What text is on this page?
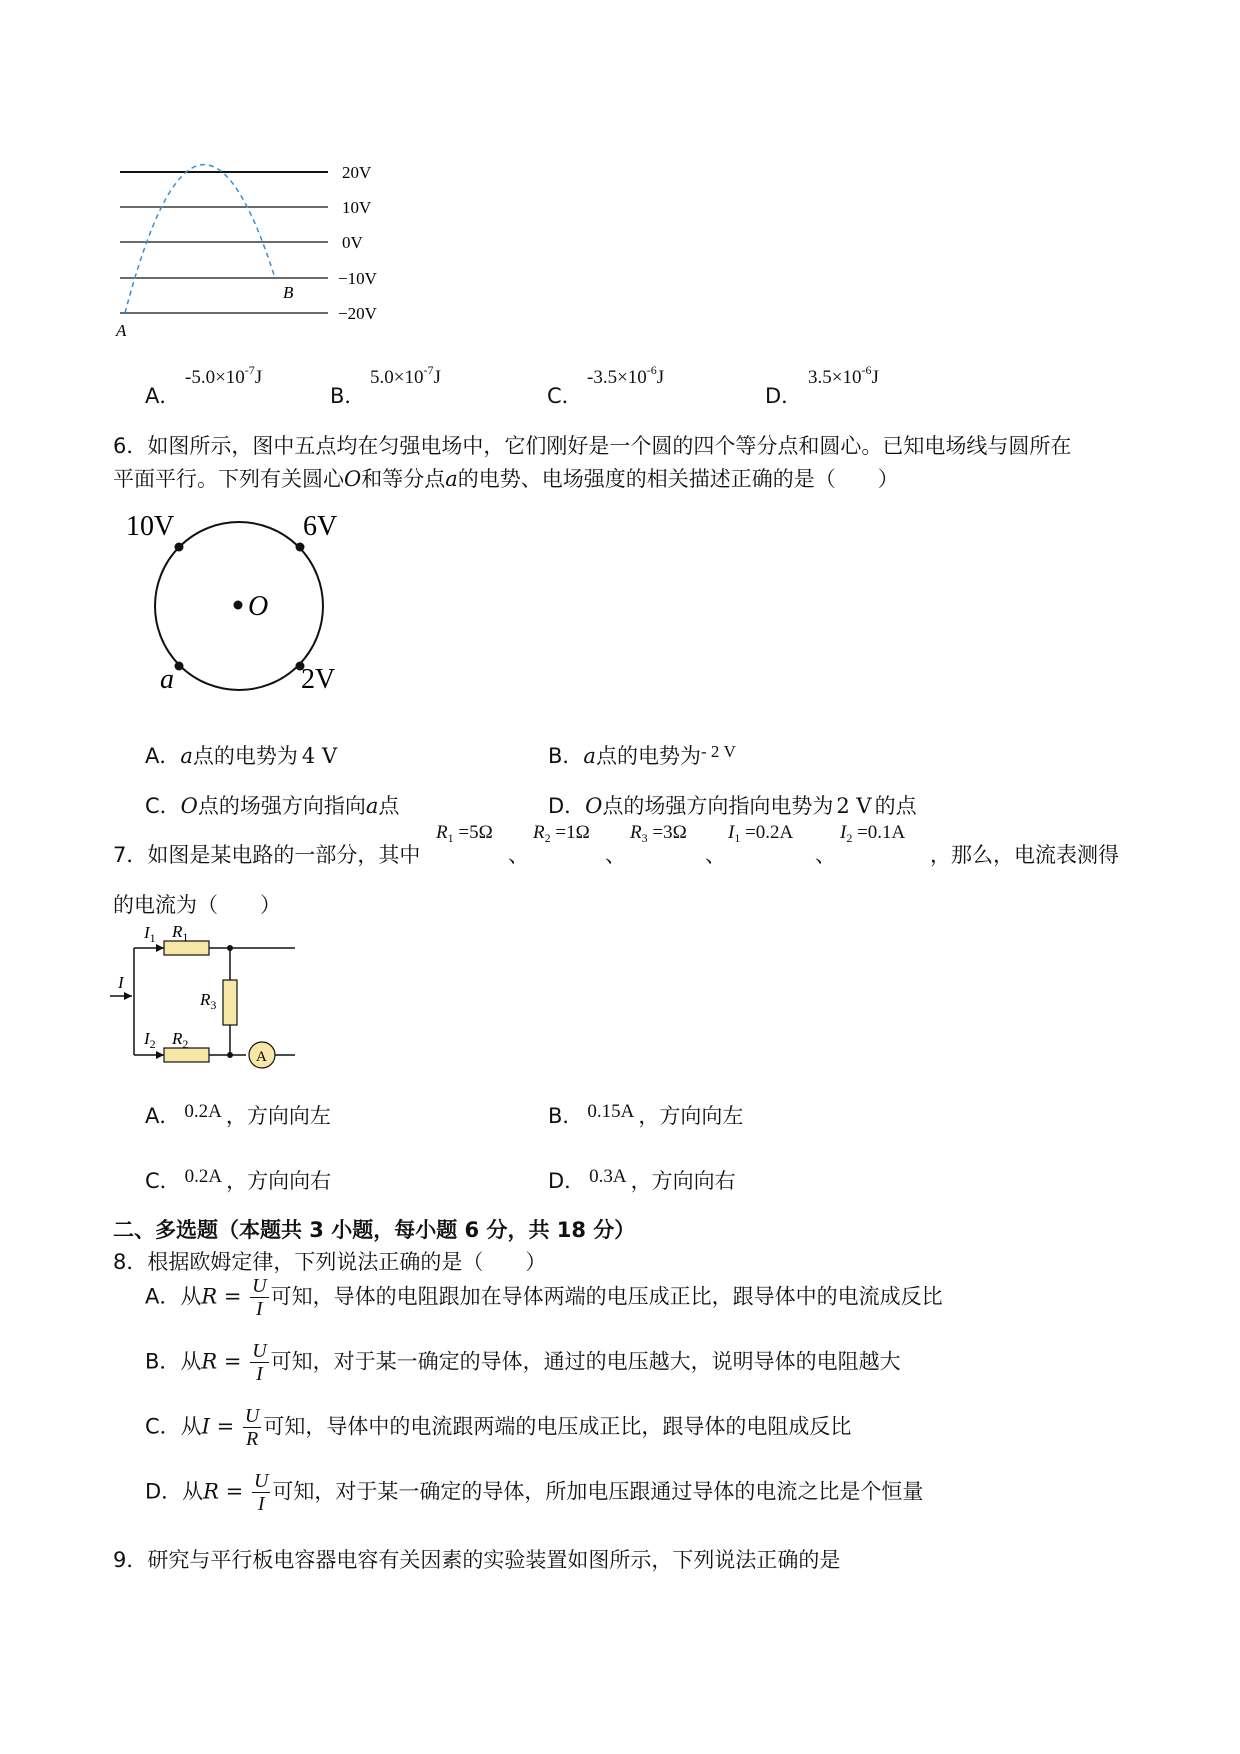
20V
10V
0V
−10V
−20V
A
B
A．
$-5.0\times 10^{-7}J$
B．
$5.0\times 10^{-7}J$
C．
$-3.5\times 10^{-6}J$
D．
$3.5\times 10^{-6}J$
6．如图所示，图中五点均在匀强电场中，它们刚好是一个圆的四个等分点和圆心。已知电场线与圆所在
平面平行。下列有关圆心O和等分点a的电势、电场强度的相关描述正确的是（　　）
10V	6V
2V
a
O
A．a点的电势为 4 V	B．a点的电势为$^{- 2 V}$
C．O点的场强方向指向a点	D．O点的场强方向指向电势为 2 V 的点
7．如图是某电路的一部分，其中
$R_1 =5\Omega$
、
$R_2 =1\Omega$
、
$R_3 =3\Omega$
、
$I_1 =0.2A$
、
$I_2 =0.1A$
，那么，电流表测得
的电流为（　　）
A
I
$I_1$ $R_1$
$R_3$
$I_2$ $R_2$
A． 0.2A ，方向向左	B． 0.15A ，方向向左
C． 0.2A ，方向向右	D． 0.3A ，方向向右
二、多选题（本题共 3 小题，每小题 6 分，共 18 分）
8．根据欧姆定律，下列说法正确的是（　　）
A．从$R = \frac{U}{I}$ 可知，导体的电阻跟加在导体两端的电压成正比，跟导体中的电流成反比
B．从$R = \frac{U}{I}$ 可知，对于某一确定的导体，通过的电压越大，说明导体的电阻越大
C．从$I = \frac{U}{R}$ 可知，导体中的电流跟两端的电压成正比，跟导体的电阻成反比
D．从$R = \frac{U}{I}$ 可知，对于某一确定的导体，所加电压跟通过导体的电流之比是个恒量
9．研究与平行板电容器电容有关因素的实验装置如图所示，下列说法正确的是
